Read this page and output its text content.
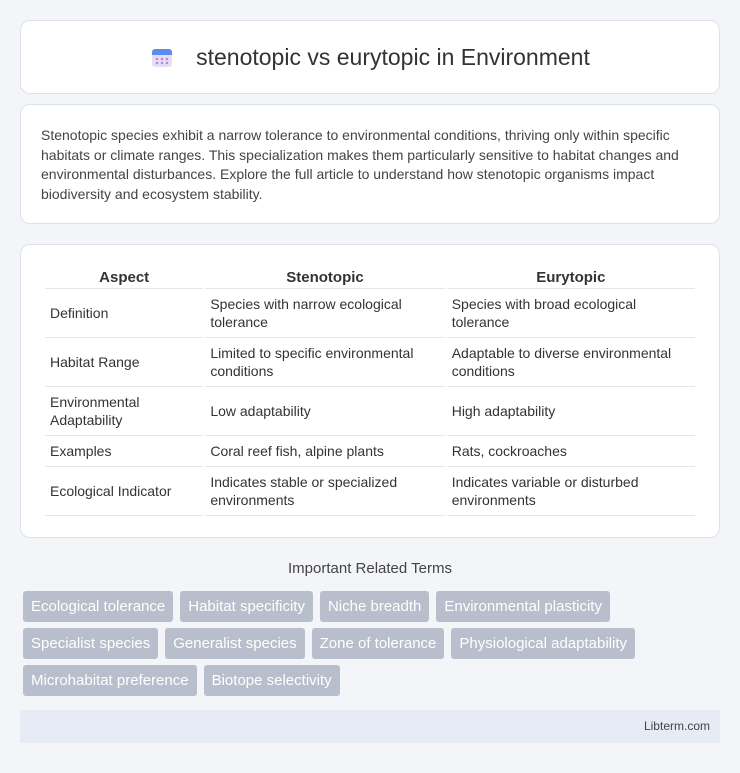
stenotopic vs eurytopic in Environment

Stenotopic species exhibit a narrow tolerance to environmental conditions, thriving only within specific habitats or climate ranges. This specialization makes them particularly sensitive to habitat changes and environmental disturbances. Explore the full article to understand how stenotopic organisms impact biodiversity and ecosystem stability.

Aspect	Stenotopic	Eurytopic
Definition	Species with narrow ecological tolerance	Species with broad ecological tolerance
Habitat Range	Limited to specific environmental conditions	Adaptable to diverse environmental conditions
Environmental Adaptability	Low adaptability	High adaptability
Examples	Coral reef fish, alpine plants	Rats, cockroaches
Ecological Indicator	Indicates stable or specialized environments	Indicates variable or disturbed environments
Important Related Terms
Ecological tolerance	Habitat specificity	Niche breadth	Environmental plasticity
Specialist species	Generalist species	Zone of tolerance	Physiological adaptability
Microhabitat preference	Biotope selectivity
Libterm.com
